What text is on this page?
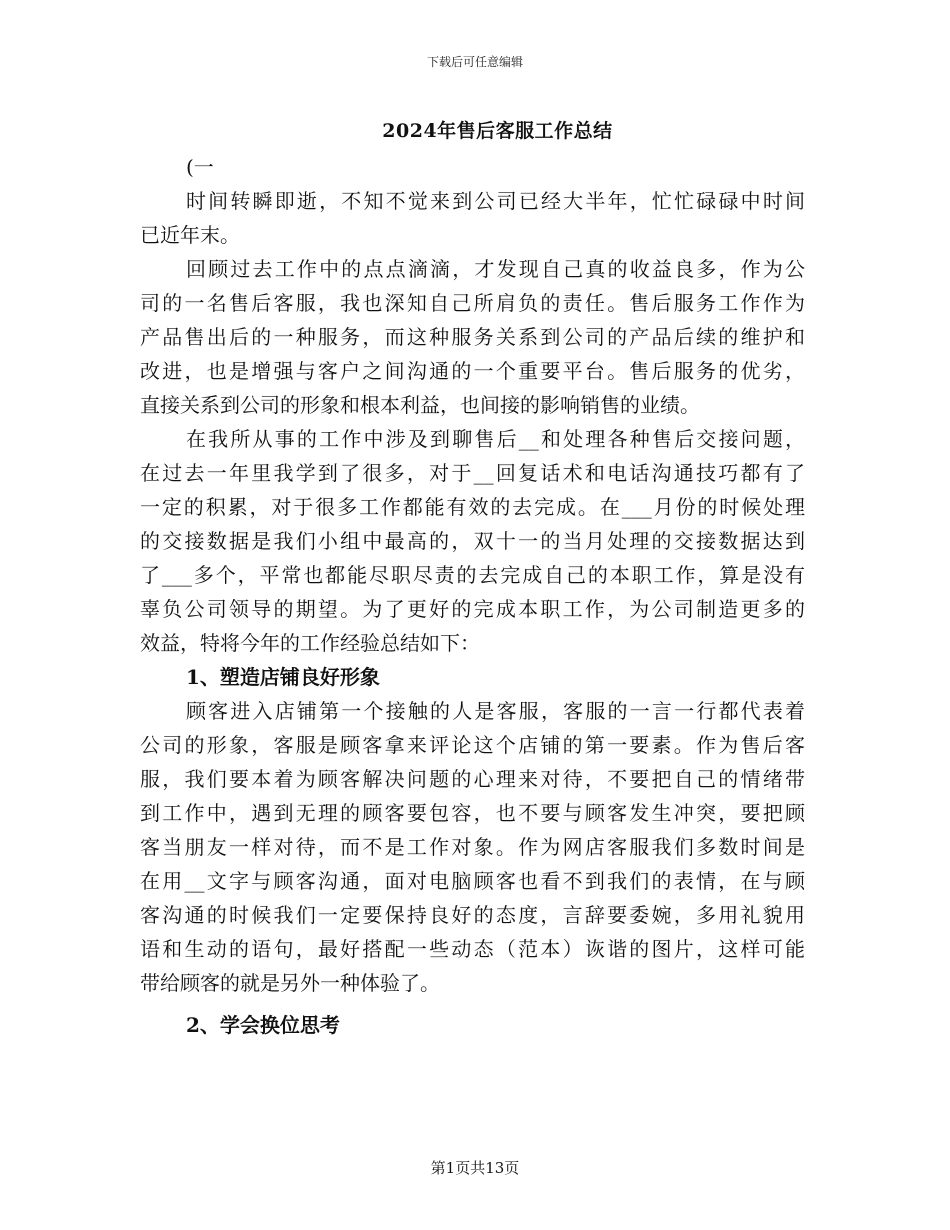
下载后可任意编辑
2024年售后客服工作总结
(一
时间转瞬即逝，不知不觉来到公司已经大半年，忙忙碌碌中时间
已近年末。
回顾过去工作中的点点滴滴，才发现自己真的收益良多，作为公
司的一名售后客服，我也深知自己所肩负的责任。售后服务工作作为
产品售出后的一种服务，而这种服务关系到公司的产品后续的维护和
改进，也是增强与客户之间沟通的一个重要平台。售后服务的优劣，
直接关系到公司的形象和根本利益，也间接的影响销售的业绩。
在我所从事的工作中涉及到聊售后__和处理各种售后交接问题，
在过去一年里我学到了很多，对于__回复话术和电话沟通技巧都有了
一定的积累，对于很多工作都能有效的去完成。在___月份的时候处理
的交接数据是我们小组中最高的，双十一的当月处理的交接数据达到
了___多个，平常也都能尽职尽责的去完成自己的本职工作，算是没有
辜负公司领导的期望。为了更好的完成本职工作，为公司制造更多的
效益，特将今年的工作经验总结如下：
1、塑造店铺良好形象
顾客进入店铺第一个接触的人是客服，客服的一言一行都代表着
公司的形象，客服是顾客拿来评论这个店铺的第一要素。作为售后客
服，我们要本着为顾客解决问题的心理来对待，不要把自己的情绪带
到工作中，遇到无理的顾客要包容，也不要与顾客发生冲突，要把顾
客当朋友一样对待，而不是工作对象。作为网店客服我们多数时间是
在用__文字与顾客沟通，面对电脑顾客也看不到我们的表情，在与顾
客沟通的时候我们一定要保持良好的态度，言辞要委婉，多用礼貌用
语和生动的语句，最好搭配一些动态（范本）诙谐的图片，这样可能
带给顾客的就是另外一种体验了。
2、学会换位思考
第1页共13页
